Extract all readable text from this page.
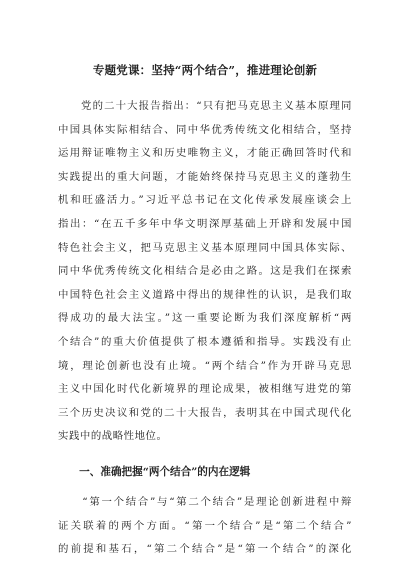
专题党课：坚持“两个结合”，推进理论创新

　　党的二十大报告指出：“只有把马克思主义基本原理同

中国具体实际相结合、同中华优秀传统文化相结合，坚持

运用辩证唯物主义和历史唯物主义，才能正确回答时代和

实践提出的重大问题，才能始终保持马克思主义的蓬勃生

机和旺盛活力。”习近平总书记在文化传承发展座谈会上

指出：“在五千多年中华文明深厚基础上开辟和发展中国

特色社会主义，把马克思主义基本原理同中国具体实际、

同中华优秀传统文化相结合是必由之路。这是我们在探索

中国特色社会主义道路中得出的规律性的认识，是我们取

得成功的最大法宝。”这一重要论断为我们深度解析“两

个结合”的重大价值提供了根本遵循和指导。实践没有止

境，理论创新也没有止境。“两个结合”作为开辟马克思

主义中国化时代化新境界的理论成果，被相继写进党的第

三个历史决议和党的二十大报告，表明其在中国式现代化

实践中的战略性地位。

　　一、准确把握“两个结合”的内在逻辑

　　“第一个结合”与“第二个结合”是理论创新进程中辩

证关联着的两个方面。“第一个结合”是“第二个结合”

的前提和基石，“第二个结合”是“第一个结合”的深化
